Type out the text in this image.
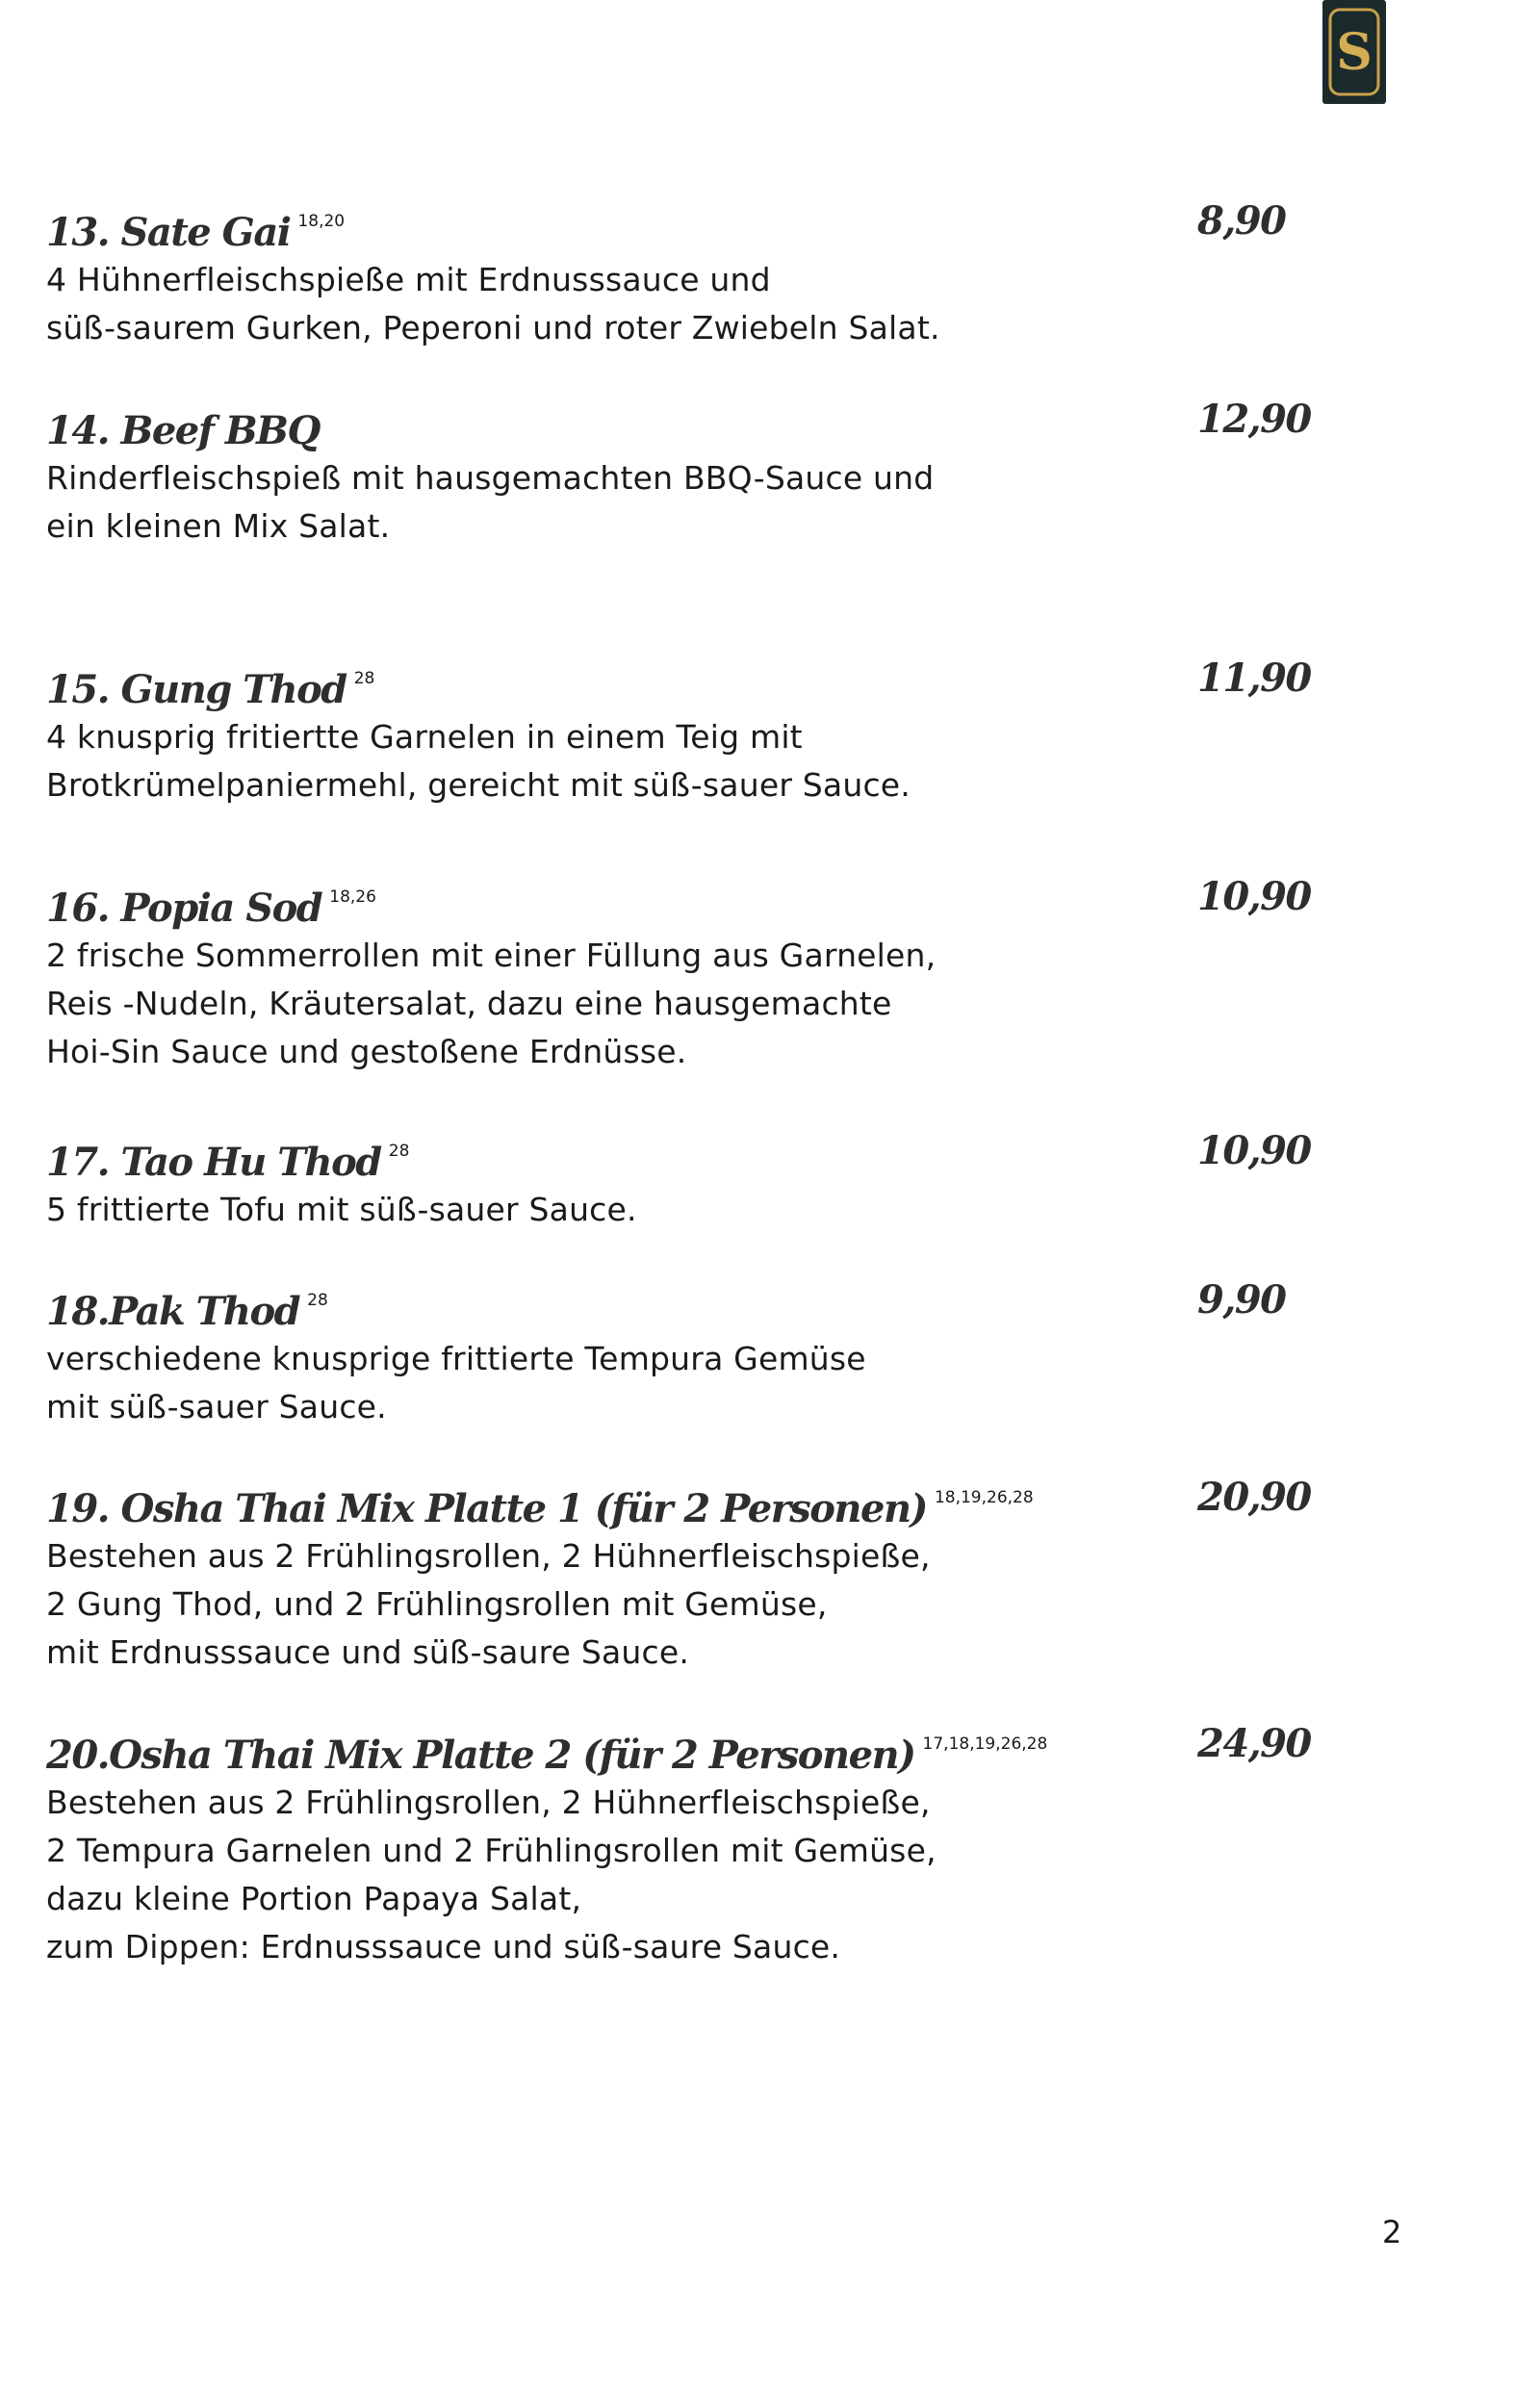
S
13. Sate Gai $^{18,20}$	8,90
4 Hühnerfleischspieße mit Erdnusssauce und
süß-saurem Gurken, Peperoni und roter Zwiebeln Salat.
14. Beef BBQ	12,90
Rinderfleischspieß mit hausgemachten BBQ-Sauce und
ein kleinen Mix Salat.
15. Gung Thod $^{28}$	11,90
4 knusprig fritiertte Garnelen in einem Teig mit
Brotkrümelpaniermehl, gereicht mit süß-sauer Sauce.
16. Popia Sod $^{18,26}$	10,90
2 frische Sommerrollen mit einer Füllung aus Garnelen,
Reis -Nudeln, Kräutersalat, dazu eine hausgemachte
Hoi-Sin Sauce und gestoßene Erdnüsse.
17. Tao Hu Thod $^{28}$	10,90
5 frittierte Tofu mit süß-sauer Sauce.
18.Pak Thod $^{28}$	9,90
verschiedene knusprige frittierte Tempura Gemüse
mit süß-sauer Sauce.
19. Osha Thai Mix Platte 1 (für 2 Personen) $^{18,19,26,28}$	20,90
Bestehen aus 2 Frühlingsrollen, 2 Hühnerfleischspieße,
2 Gung Thod, und 2 Frühlingsrollen mit Gemüse,
mit Erdnusssauce und süß-saure Sauce.
20.Osha Thai Mix Platte 2 (für 2 Personen) $^{17,18,19,26,28}$	24,90
Bestehen aus 2 Frühlingsrollen, 2 Hühnerfleischspieße,
2 Tempura Garnelen und 2 Frühlingsrollen mit Gemüse,
dazu kleine Portion Papaya Salat,
zum Dippen: Erdnusssauce und süß-saure Sauce.
2
